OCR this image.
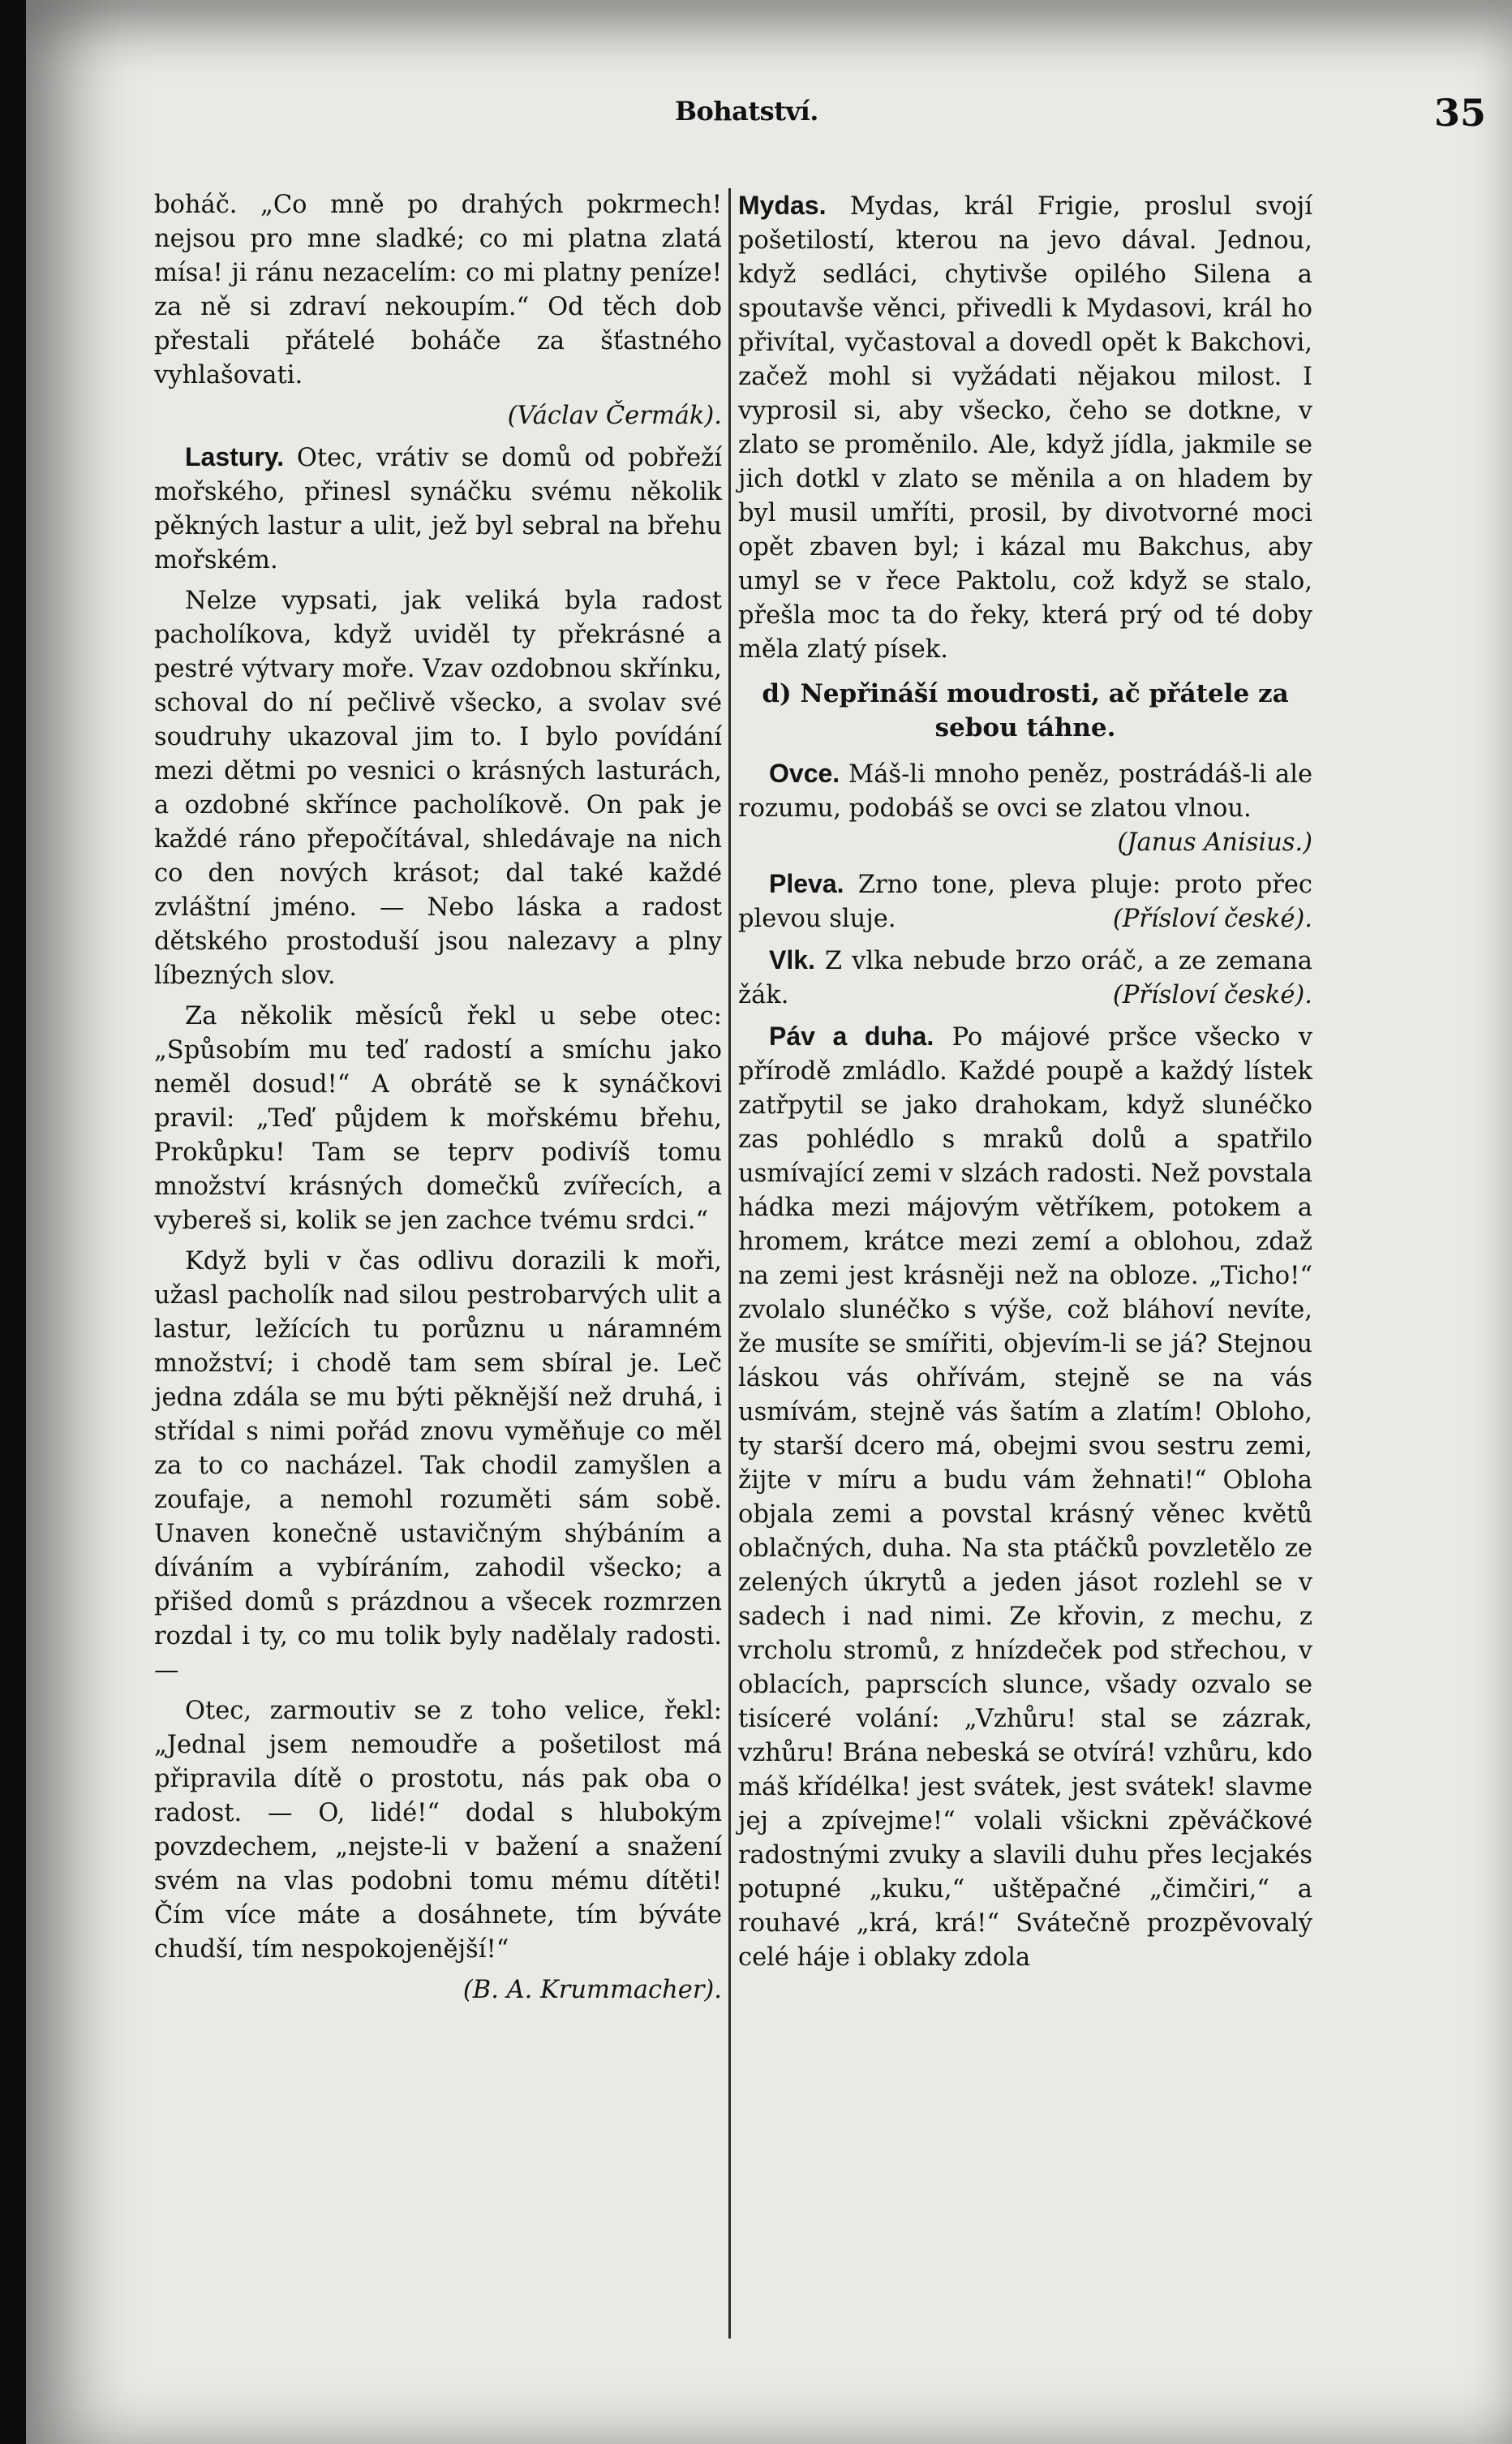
Bohatství.	35

boháč. „Co mně po drahých pokrmech! nejsou pro mne sladké; co mi platna zlatá mísa! ji ránu nezacelím: co mi platny peníze! za ně si zdraví nekoupím.“ Od těch dob přestali přátelé boháče za šťastného vyhlašovati.

(Václav Čermák).

Lastury. Otec, vrátiv se domů od pobřeží mořského, přinesl synáčku svému několik pěkných lastur a ulit, jež byl sebral na břehu mořském.

Nelze vypsati, jak veliká byla radost pacholíkova, když uviděl ty překrásné a pestré výtvary moře. Vzav ozdobnou skřínku, schoval do ní pečlivě všecko, a svolav své soudruhy ukazoval jim to. I bylo povídání mezi dětmi po vesnici o krásných lasturách, a ozdobné skřínce pacholíkově. On pak je každé ráno přepočítával, shledávaje na nich co den nových krásot; dal také každé zvláštní jméno. — Nebo láska a radost dětského prostoduší jsou nalezavy a plny líbezných slov.

Za několik měsíců řekl u sebe otec: „Spůsobím mu teď radostí a smíchu jako neměl dosud!“ A obrátě se k synáčkovi pravil: „Teď půjdem k mořskému břehu, Prokůpku! Tam se teprv podivíš tomu množství krásných domečků zvířecích, a vybereš si, kolik se jen zachce tvému srdci.“

Když byli v čas odlivu dorazili k moři, užasl pacholík nad silou pestrobarvých ulit a lastur, ležících tu porůznu u náramném množství; i chodě tam sem sbíral je. Leč jedna zdála se mu býti pěknější než druhá, i střídal s nimi pořád znovu vyměňuje co měl za to co nacházel. Tak chodil zamyšlen a zoufaje, a nemohl rozuměti sám sobě. Unaven konečně ustavičným shýbáním a díváním a vybíráním, zahodil všecko; a přišed domů s prázdnou a všecek rozmrzen rozdal i ty, co mu tolik byly nadělaly radosti. —

Otec, zarmoutiv se z toho velice, řekl: „Jednal jsem nemoudře a pošetilost má připravila dítě o prostotu, nás pak oba o radost. — O, lidé!“ dodal s hlubokým povzdechem, „nejste-li v bažení a snažení svém na vlas podobni tomu mému dítěti! Čím více máte a dosáhnete, tím býváte chudší, tím nespokojenější!“

(B. A. Krummacher).

Mydas. Mydas, král Frigie, proslul svojí pošetilostí, kterou na jevo dával. Jednou, když sedláci, chytivše opilého Silena a spoutavše věnci, přivedli k Mydasovi, král ho přivítal, vyčastoval a dovedl opět k Bakchovi, začež mohl si vyžádati nějakou milost. I vyprosil si, aby všecko, čeho se dotkne, v zlato se proměnilo. Ale, když jídla, jakmile se jich dotkl v zlato se měnila a on hladem by byl musil umříti, prosil, by divotvorné moci opět zbaven byl; i kázal mu Bakchus, aby umyl se v řece Paktolu, což když se stalo, přešla moc ta do řeky, která prý od té doby měla zlatý písek.

d) Nepřináší moudrosti, ač přátele za sebou táhne.

Ovce. Máš-li mnoho peněz, postrádáš-li ale rozumu, podobáš se ovci se zlatou vlnou.
(Janus Anisius.)

Pleva. Zrno tone, pleva pluje: proto přec plevou sluje.	(Přísloví české).

Vlk. Z vlka nebude brzo oráč, a ze zemana žák.	(Přísloví české).

Páv a duha. Po májové pršce všecko v přírodě zmládlo. Každé poupě a každý lístek zatřpytil se jako drahokam, když slunéčko zas pohlédlo s mraků dolů a spatřilo usmívající zemi v slzách radosti. Než povstala hádka mezi májovým větříkem, potokem a hromem, krátce mezi zemí a oblohou, zdaž na zemi jest krásněji než na obloze. „Ticho!“ zvolalo slunéčko s výše, což bláhoví nevíte, že musíte se smířiti, objevím-li se já? Stejnou láskou vás ohřívám, stejně se na vás usmívám, stejně vás šatím a zlatím! Obloho, ty starší dcero má, obejmi svou sestru zemi, žijte v míru a budu vám žehnati!“ Obloha objala zemi a povstal krásný věnec květů oblačných, duha. Na sta ptáčků povzletělo ze zelených úkrytů a jeden jásot rozlehl se v sadech i nad nimi. Ze křovin, z mechu, z vrcholu stromů, z hnízdeček pod střechou, v oblacích, paprscích slunce, všady ozvalo se tisíceré volání: „Vzhůru! stal se zázrak, vzhůru! Brána nebeská se otvírá! vzhůru, kdo máš křídélka! jest svátek, jest svátek! slavme jej a zpívejme!“ volali všickni zpěváčkové radostnými zvuky a slavili duhu přes lecjakés potupné „kuku,“ uštěpačné „čimčiri,“ a rouhavé „krá, krá!“ Svátečně prozpěvovalý celé háje i oblaky zdola
